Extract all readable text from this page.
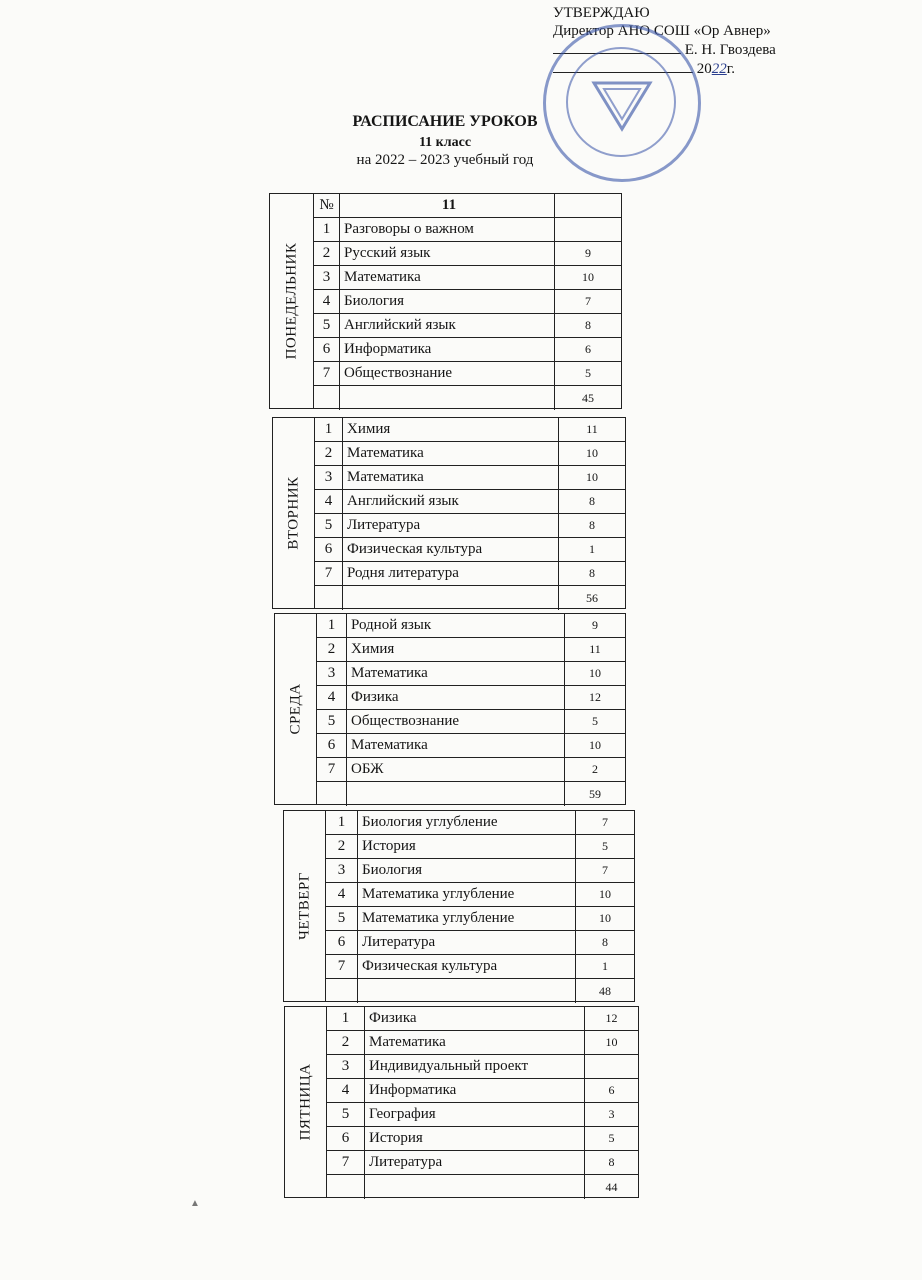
УТВЕРЖДАЮ
Директор АНО СОШ «Ор Авнер»
Е. Н. Гвоздева
2022г.
РАСПИСАНИЕ УРОКОВ
11 класс
на 2022 – 2023 учебный год
ПОНЕДЕЛЬНИК
№	11
1 Разговоры о важном
2 Русский язык	9
3 Математика	10
4 Биология	7
5 Английский язык	8
6 Информатика	6
7 Обществознание	5
45
ВТОРНИК
1 Химия	11
2 Математика	10
3 Математика	10
4 Английский язык	8
5 Литература	8
6 Физическая культура	1
7 Родня литература	8
56
СРЕДА
1	Родной язык	9
2	Химия	11
3	Математика	10
4	Физика	12
5	Обществознание	5
6	Математика	10
7	ОБЖ	2
59
ЧЕТВЕРГ
1	Биология углубление	7
2	История	5
3	Биология	7
4	Математика углубление	10
5	Математика углубление	10
6	Литература	8
7	Физическая культура	1
48
ПЯТНИЦА
1	Физика	12
2	Математика	10
3	Индивидуальный проект
4	Информатика	6
5	География	3
6	История	5
7	Литература	8
44
▲
